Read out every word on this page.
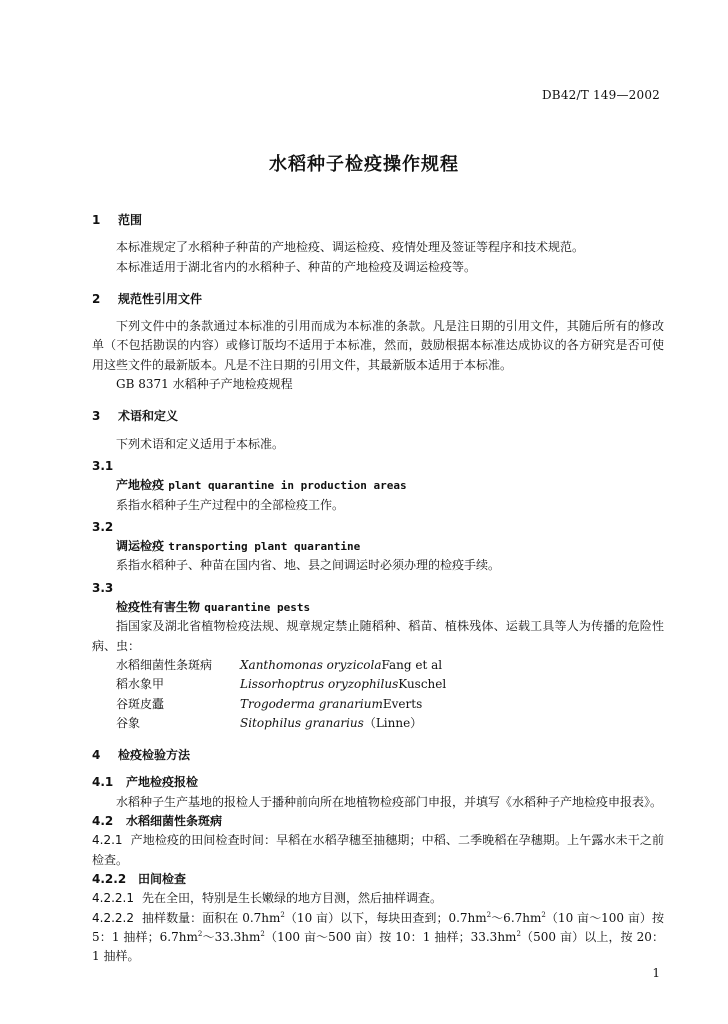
DB42/T 149—2002
水稻种子检疫操作规程
1 范围
本标准规定了水稻种子种苗的产地检疫、调运检疫、疫情处理及签证等程序和技术规范。
本标准适用于湖北省内的水稻种子、种苗的产地检疫及调运检疫等。
2 规范性引用文件
下列文件中的条款通过本标准的引用而成为本标准的条款。凡是注日期的引用文件，其随后所有的修改单（不包括勘误的内容）或修订版均不适用于本标准，然而，鼓励根据本标准达成协议的各方研究是否可使用这些文件的最新版本。凡是不注日期的引用文件，其最新版本适用于本标准。
GB 8371 水稻种子产地检疫规程
3 术语和定义
下列术语和定义适用于本标准。
3.1
产地检疫 plant quarantine in production areas
系指水稻种子生产过程中的全部检疫工作。
3.2
调运检疫 transporting plant quarantine
系指水稻种子、种苗在国内省、地、县之间调运时必须办理的检疫手续。
3.3
检疫性有害生物 quarantine pests
指国家及湖北省植物检疫法规、规章规定禁止随稻种、稻苗、植株残体、运载工具等人为传播的危险性病、虫：
水稻细菌性条斑病	Xanthomonas oryzicola Fang et al
稻水象甲	Lissorhoptrus oryzophilus Kuschel
谷斑皮蠹	Trogoderma granarium Everts
谷象	Sitophilus granarius （Linne）
4 检疫检验方法
4.1 产地检疫报检
水稻种子生产基地的报检人于播种前向所在地植物检疫部门申报，并填写《水稻种子产地检疫申报表》。
4.2 水稻细菌性条斑病
4.2.1 产地检疫的田间检查时间：早稻在水稻孕穗至抽穗期；中稻、二季晚稻在孕穗期。上午露水未干之前检查。
4.2.2 田间检查
4.2.2.1 先在全田，特别是生长嫩绿的地方目测，然后抽样调查。
4.2.2.2 抽样数量：面积在 $0.7hm^2(10$ 亩）以下，每块田查到；$0.7hm^2\sim 6.7hm^2(10$ 亩～100 亩）按 5：1 抽样；$6.7hm^2\sim 33.3hm^2(100$ 亩～500 亩）按 10：1 抽样；$33.3hm^2(500$ 亩）以上，按 20：1 抽样。
1
